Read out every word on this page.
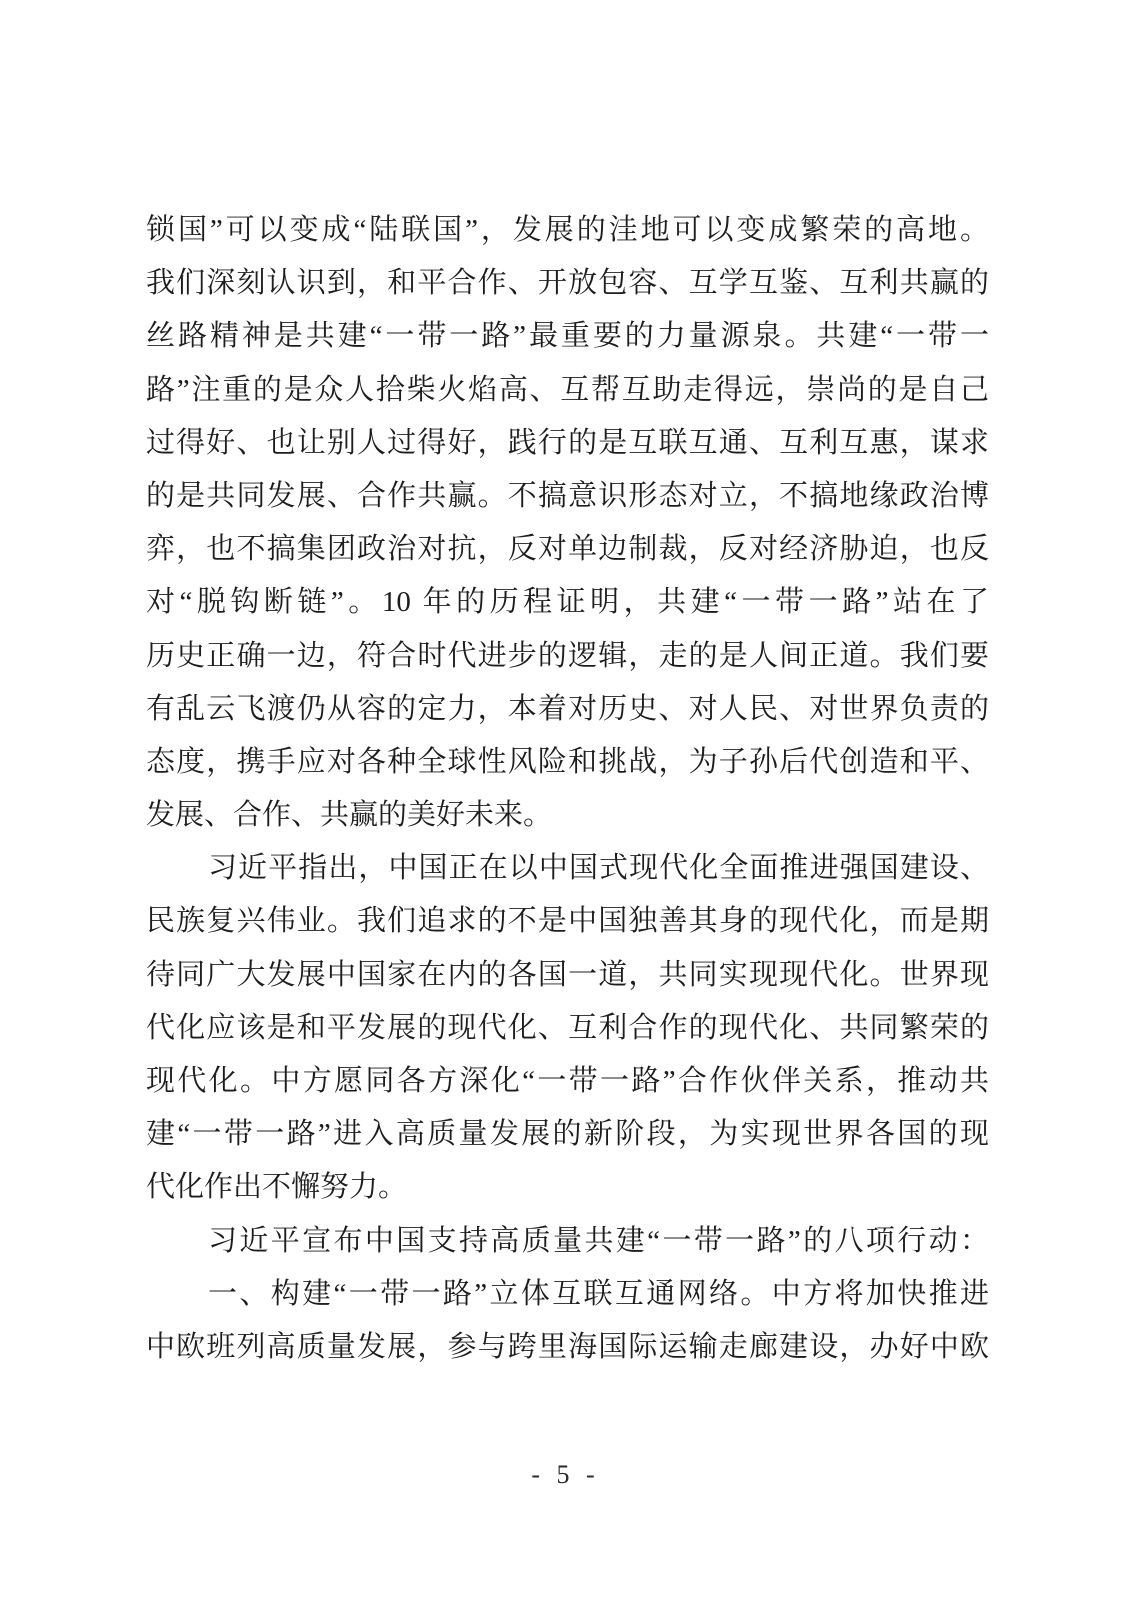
锁国”可以变成“陆联国”，发展的洼地可以变成繁荣的高地。
我们深刻认识到，和平合作、开放包容、互学互鉴、互利共赢的
丝路精神是共建“一带一路”最重要的力量源泉。共建“一带一
路”注重的是众人拾柴火焰高、互帮互助走得远，崇尚的是自己
过得好、也让别人过得好，践行的是互联互通、互利互惠，谋求
的是共同发展、合作共赢。不搞意识形态对立，不搞地缘政治博
弈，也不搞集团政治对抗，反对单边制裁，反对经济胁迫，也反
对“脱钩断链”。10 年的历程证明，共建“一带一路”站在了
历史正确一边，符合时代进步的逻辑，走的是人间正道。我们要
有乱云飞渡仍从容的定力，本着对历史、对人民、对世界负责的
态度，携手应对各种全球性风险和挑战，为子孙后代创造和平、
发展、合作、共赢的美好未来。
习近平指出，中国正在以中国式现代化全面推进强国建设、
民族复兴伟业。我们追求的不是中国独善其身的现代化，而是期
待同广大发展中国家在内的各国一道，共同实现现代化。世界现
代化应该是和平发展的现代化、互利合作的现代化、共同繁荣的
现代化。中方愿同各方深化“一带一路”合作伙伴关系，推动共
建“一带一路”进入高质量发展的新阶段，为实现世界各国的现
代化作出不懈努力。
习近平宣布中国支持高质量共建“一带一路”的八项行动：
一、构建“一带一路”立体互联互通网络。中方将加快推进
中欧班列高质量发展，参与跨里海国际运输走廊建设，办好中欧
- 5 -
